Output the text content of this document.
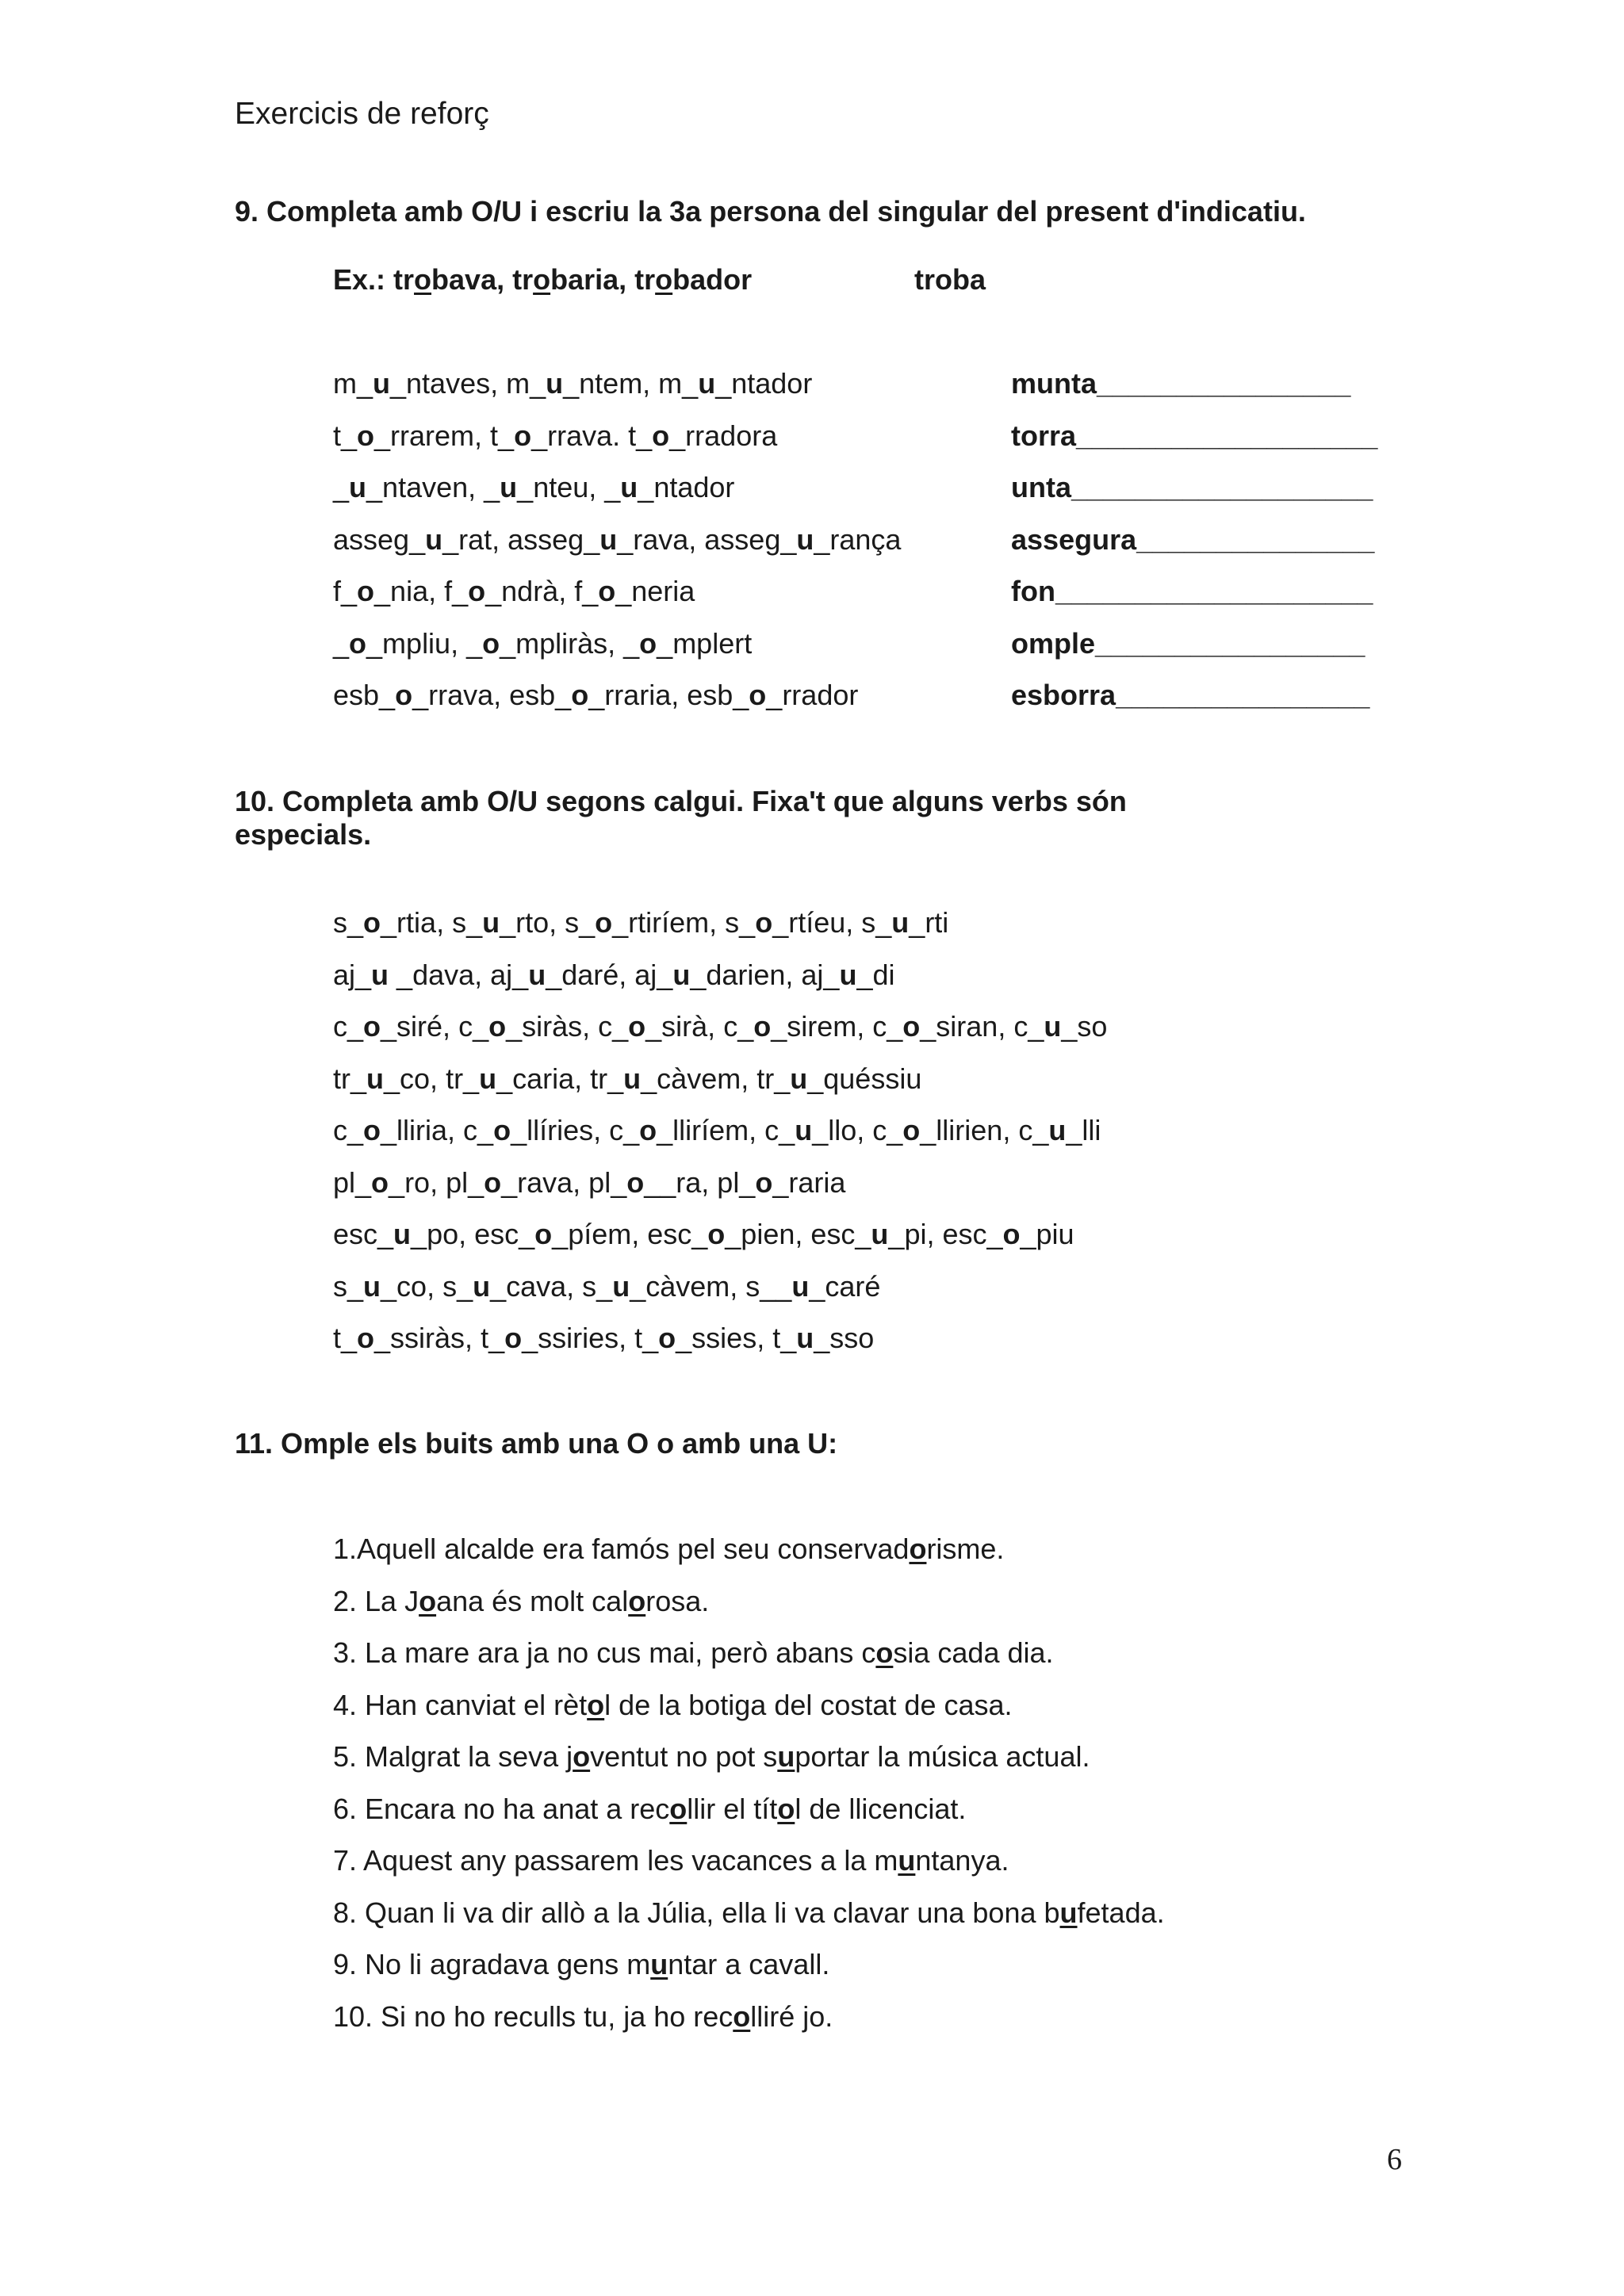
Exercicis de reforç
9. Completa amb O/U i escriu la 3a persona del singular del present d'indicatiu.
Ex.: trobava, trobaria, trobador	troba
m_u_ntaves, m_u_ntem, m_u_ntador	munta________________
t_o_rrarem, t_o_rrava. t_o_rradora	torra___________________
_u_ntaven, _u_nteu, _u_ntador	unta___________________
asseg_u_rat, asseg_u_rava, asseg_u_rança	assegura_______________
f_o_nia, f_o_ndrà, f_o_neria	fon____________________
_o_mpliu, _o_mpliràs, _o_mplert	omple_________________
esb_o_rrava, esb_o_rraria, esb_o_rrador	esborra________________
10. Completa amb O/U segons calgui. Fixa't que alguns verbs són
especials.
s_o_rtia, s_u_rto, s_o_rtiríem, s_o_rtíeu, s_u_rti
aj_u _dava, aj_u_daré, aj_u_darien, aj_u_di
c_o_siré, c_o_siràs, c_o_sirà, c_o_sirem, c_o_siran, c_u_so
tr_u_co, tr_u_caria, tr_u_càvem, tr_u_quéssiu
c_o_lliria, c_o_llíries, c_o_lliríem, c_u_llo, c_o_llirien, c_u_lli
pl_o_ro, pl_o_rava, pl_o__ra, pl_o_raria
esc_u_po, esc_o_píem, esc_o_pien, esc_u_pi, esc_o_piu
s_u_co, s_u_cava, s_u_càvem, s__u_caré
t_o_ssiràs, t_o_ssiries, t_o_ssies, t_u_sso
11. Omple els buits amb una O o amb una U:
1.Aquell alcalde era famós pel seu conservadorisme.
2. La Joana és molt calorosa.
3. La mare ara ja no cus mai, però abans cosia cada dia.
4. Han canviat el rètol de la botiga del costat de casa.
5. Malgrat la seva joventut no pot suportar la música actual.
6. Encara no ha anat a recollir el títol de llicenciat.
7. Aquest any passarem les vacances a la muntanya.
8. Quan li va dir allò a la Júlia, ella li va clavar una bona bufetada.
9. No li agradava gens muntar a cavall.
10. Si no ho reculls tu, ja ho recolliré jo.
6
